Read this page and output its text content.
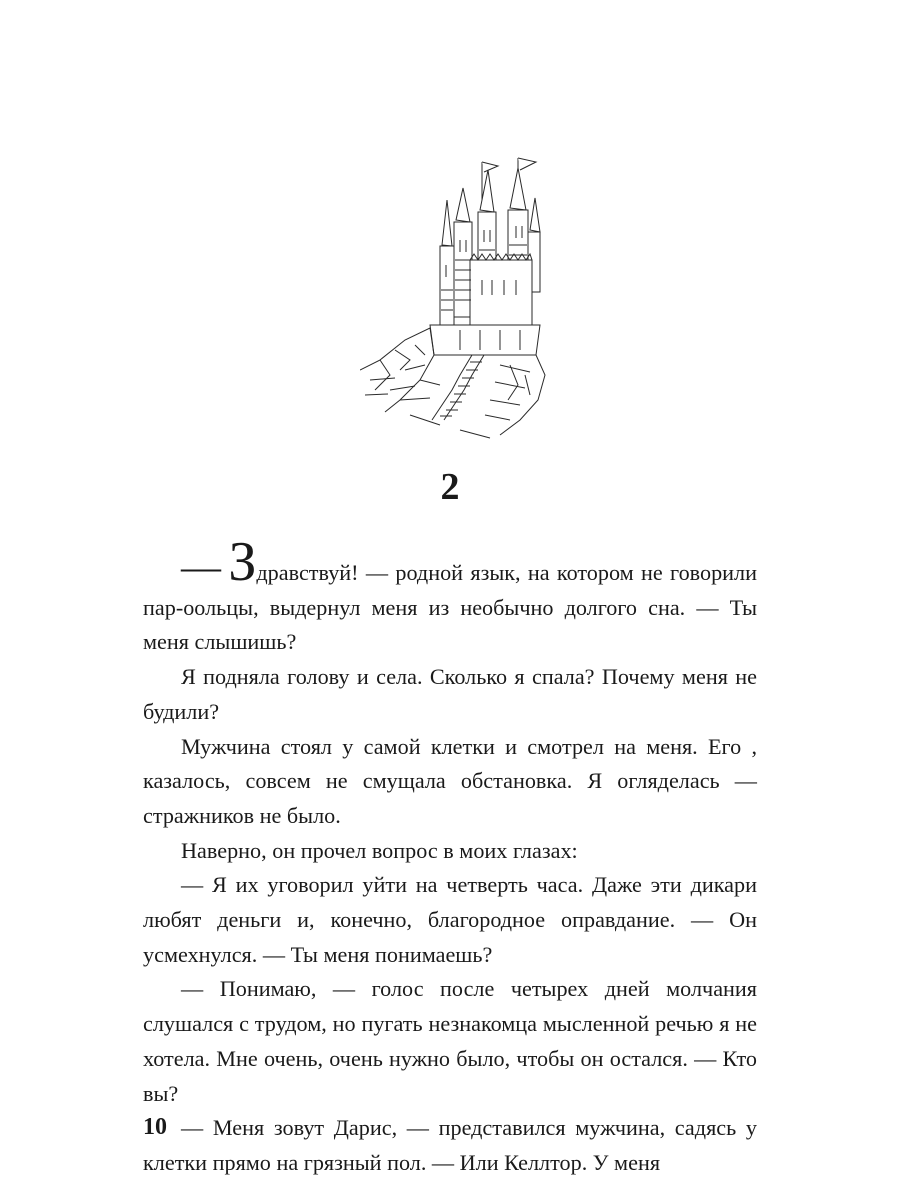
2

— Здравствуй! — родной язык, на котором не говорили пар-оольцы, выдернул меня из необычно долгого сна. — Ты меня слышишь?

Я подняла голову и села. Сколько я спала? Почему меня не будили?

Мужчина стоял у самой клетки и смотрел на меня. Его , казалось, совсем не смущала обстановка. Я огляделась — стражников не было.

Наверно, он прочел вопрос в моих глазах:

— Я их уговорил уйти на четверть часа. Даже эти дикари любят деньги и, конечно, благородное оправдание. — Он усмехнулся. — Ты меня понимаешь?

— Понимаю, — голос после четырех дней молчания слушался с трудом, но пугать незнакомца мысленной речью я не хотела. Мне очень, очень нужно было, чтобы он остался. — Кто вы?

— Меня зовут Дарис, — представился мужчина, садясь у клетки прямо на грязный пол. — Или Келлтор. У меня

10
